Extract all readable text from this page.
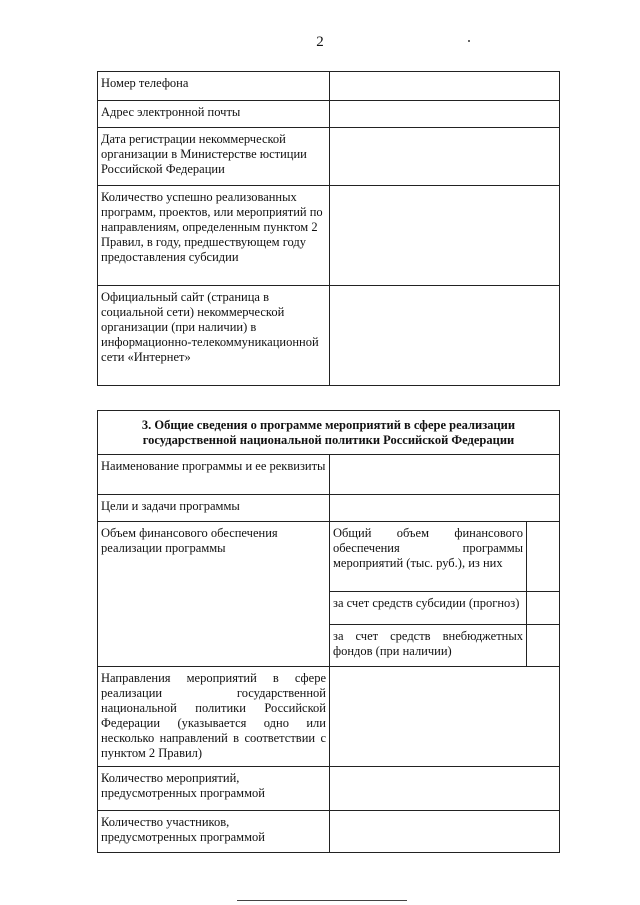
2
Номер телефона	
Адрес электронной почты	
Дата регистрации некоммерческой организации в Министерстве юстиции Российской Федерации	
Количество успешно реализованных программ, проектов, или мероприятий по направлениям, определенным пунктом 2 Правил, в году, предшествующем году предоставления субсидии	
Официальный сайт (страница в социальной сети) некоммерческой организации (при наличии) в информационно-телекоммуникационной сети «Интернет»	
3. Общие сведения о программе мероприятий в сфере реализации
государственной национальной политики Российской Федерации		

Наименование программы и ее реквизиты		
Цели и задачи программы		
Объем финансового обеспечения реализации программы	Общий объем финансового обеспечения программы мероприятий (тыс. руб.), из них	
	за счет средств субсидии (прогноз)	
	за счет средств внебюджетных фондов (при наличии)	
Направления мероприятий в сфере реализации государственной национальной политики Российской Федерации (указывается одно или несколько направлений в соответствии с пунктом 2 Правил)		
Количество мероприятий, предусмотренных программой		
Количество участников, предусмотренных программой		
